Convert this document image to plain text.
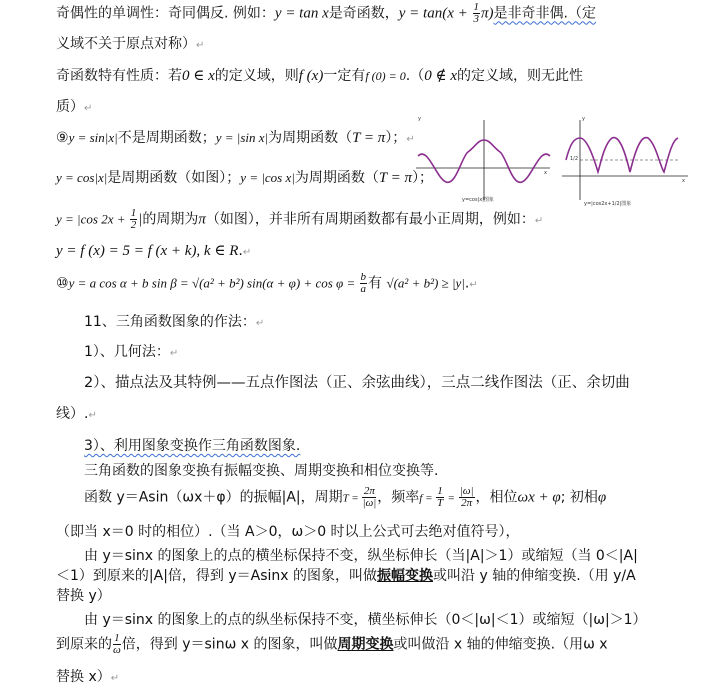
奇偶性的单调性：奇同偶反. 例如：y = tan x是奇函数，$y = \tan(x + \frac{1}{3} \pi)$是非奇非偶.（定
义域不关于原点对称）↵
奇函数特有性质：若0 ∈ x的定义域，则f (x)一定有f (0) = 0.（0 ∉ x的定义域，则无此性
质）↵
⑨y = sin|x|不是周期函数；y = |sin x|为周期函数（T = π）；↵
y = cos|x|是周期函数（如图）；y = |cos x|为周期函数（T = π）；
y = |cos $2x + \frac{1}{2}$ |的周期为π（如图），并非所有周期函数都有最小正周期，例如：↵
y = f (x) = 5 = f (x + k), k ∈ R.↵
⑩y = a cos α + b sin β = √(a² + b²) $\sin(\alpha + \varphi) + \cos \varphi = \frac{b}{a}$ 有 √(a² + b²) ≥ |y|.↵
11、三角函数图象的作法：↵
1）、几何法：↵
2）、描点法及其特例——五点作图法（正、余弦曲线），三点二线作图法（正、余切曲
线）.↵
3）、利用图象变换作三角函数图象.
三角函数的图象变换有振幅变换、周期变换和相位变换等.
函数 y＝Asin（ωx＋φ）的振幅|A|，周期$T = \frac{2\pi}{|\omega|}$ ，频率$f = \frac{1}{T} = \frac{|\omega|}{2\pi}$ ，相位ωx + φ; 初相φ
（即当 x＝0 时的相位）.（当 A＞0，ω＞0 时以上公式可去绝对值符号），
由 y＝sinx 的图象上的点的横坐标保持不变，纵坐标伸长（当|A|＞1）或缩短（当 0＜|A|
＜1）到原来的|A|倍，得到 y＝Asinx 的图象，叫做振幅变换或叫沿 y 轴的伸缩变换.（用 y/A
替换 y）
由 y＝sinx 的图象上的点的纵坐标保持不变，横坐标伸长（0＜|ω|＜1）或缩短（|ω|＞1）
到原来的 $\frac{1}{\omega}$ 倍，得到 y＝sinω x 的图象，叫做周期变换或叫做沿 x 轴的伸缩变换.（用ω x
替换 x）↵
y
x
y=cos|x|图象
y
1/2
x
y=|cos2x+1/2|图象
